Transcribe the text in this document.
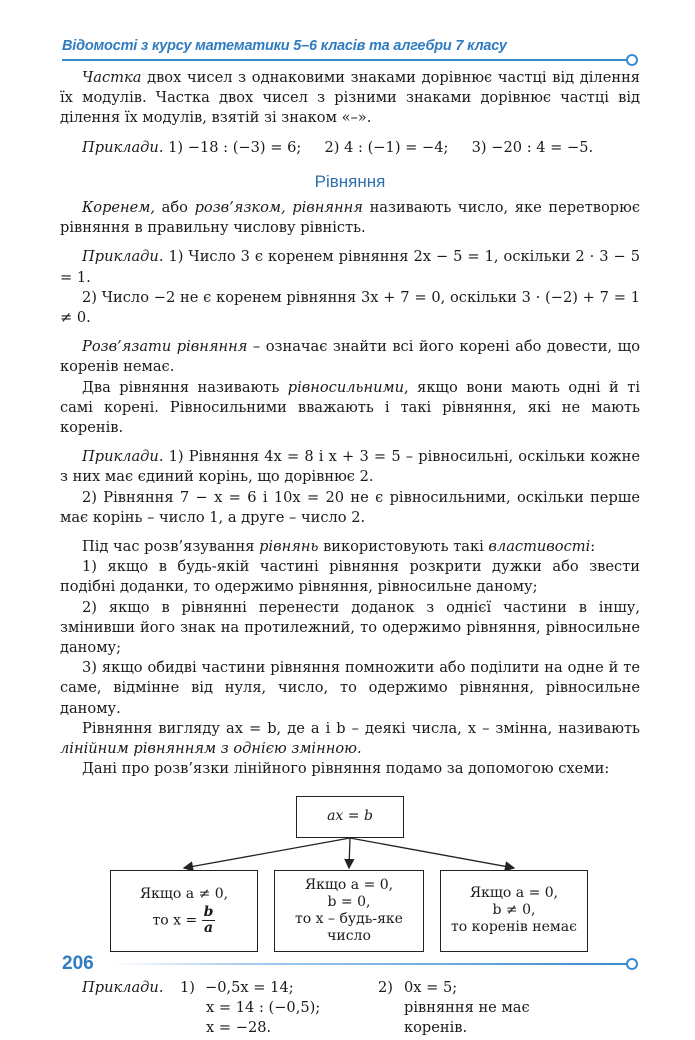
Відомості з курсу математики 5–6 класів та алгебри 7 класу

Частка двох чисел з однаковими знаками дорівнює частці від ділення їх модулів. Частка двох чисел з різними знаками дорівнює частці від ділення їх модулів, взятій зі знаком «–».

Приклади. 1) −18 : (−3) = 6;     2) 4 : (−1) = −4;     3) −20 : 4 = −5.

Рівняння

Коренем, або розв’язком, рівняння називають число, яке перетворює рівняння в правильну числову рівність.

Приклади. 1) Число 3 є коренем рівняння 2x − 5 = 1, оскільки 2 · 3 − 5 = 1.

2) Число −2 не є коренем рівняння 3x + 7 = 0, оскільки 3 · (−2) + 7 = 1 ≠ 0.

Розв’язати рівняння – означає знайти всі його корені або довести, що коренів немає.

Два рівняння називають рівносильними, якщо вони мають одні й ті самі корені. Рівносильними вважають і такі рівняння, які не мають коренів.

Приклади. 1) Рівняння 4x = 8 і x + 3 = 5 – рівносильні, оскільки кожне з них має єдиний корінь, що дорівнює 2.

2) Рівняння 7 − x = 6 і 10x = 20 не є рівносильними, оскільки перше має корінь – число 1, а друге – число 2.

Під час розв’язування рівнянь використовують такі властивості:

1) якщо в будь-якій частині рівняння розкрити дужки або звести подібні доданки, то одержимо рівняння, рівносильне даному;

2) якщо в рівнянні перенести доданок з однієї частини в іншу, змінивши його знак на протилежний, то одержимо рівняння, рівносильне даному;

3) якщо обидві частини рівняння помножити або поділити на одне й те саме, відмінне від нуля, число, то одержимо рівняння, рівносильне даному.

Рівняння вигляду ax = b, де a і b – деякі числа, x – змінна, називають лінійним рівнянням з однією змінною.

Дані про розв’язки лінійного рівняння подамо за допомогою схеми:

ax = b
Якщо a ≠ 0,
то $x = \frac{b}{a}$
Якщо a = 0,
b = 0,
то x – будь-яке
число
Якщо a = 0,
b ≠ 0,
то коренів немає
Приклади. 1) −0,5x = 14;
x = 14 : (−0,5);
x = −28.
2) 0x = 5;
рівняння не має
коренів.
206
